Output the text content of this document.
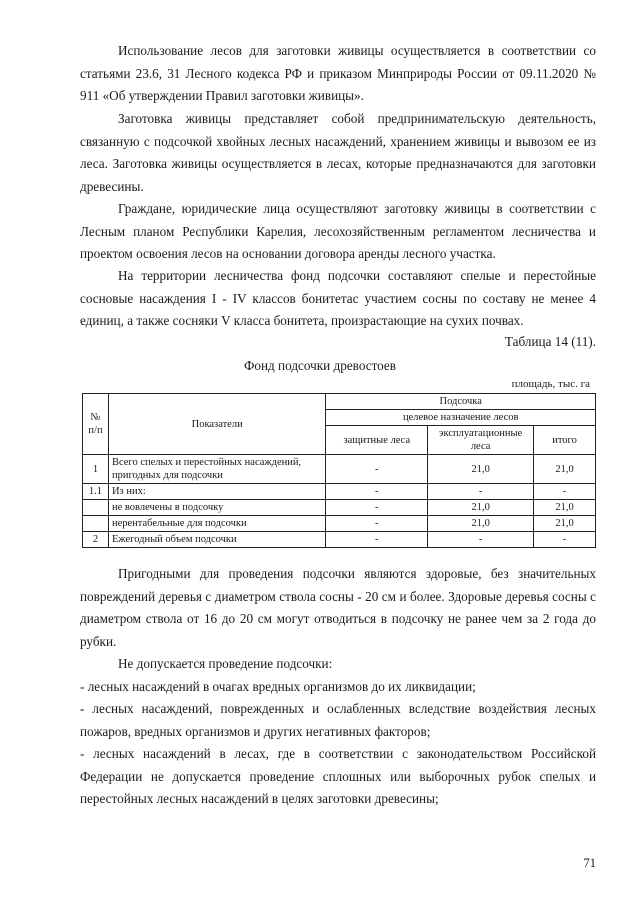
Использование лесов для заготовки живицы осуществляется в соответствии со статьями 23.6, 31 Лесного кодекса РФ и приказом Минприроды России от 09.11.2020 № 911 «Об утверждении Правил заготовки живицы».

Заготовка живицы представляет собой предпринимательскую деятельность, связанную с подсочкой хвойных лесных насаждений, хранением живицы и вывозом ее из леса. Заготовка живицы осуществляется в лесах, которые предназначаются для заготовки древесины.

Граждане, юридические лица осуществляют заготовку живицы в соответствии с Лесным планом Республики Карелия, лесохозяйственным регламентом лесничества и проектом освоения лесов на основании договора аренды лесного участка.

На территории лесничества фонд подсочки составляют спелые и перестойные сосновые насаждения I - IV классов бонитетас участием сосны по составу не менее 4 единиц, а также сосняки V класса бонитета, произрастающие на сухих почвах.

Таблица 14 (11).
Фонд подсочки древостоев
площадь, тыс. га
№ п/п	Показатели	Подсочка		
		целевое назначение лесов		
		защитные леса	эксплуатационные леса	итого
1	Всего спелых и перестойных насаждений, пригодных для подсочки	-	21,0	21,0
1.1	Из них:	-	-	-
	не вовлечены в подсочку	-	21,0	21,0
	нерентабельные для подсочки	-	21,0	21,0
2	Ежегодный объем подсочки	-	-	-

Пригодными для проведения подсочки являются здоровые, без значительных повреждений деревья с диаметром ствола сосны - 20 см и более. Здоровые деревья сосны с диаметром ствола от 16 до 20 см могут отводиться в подсочку не ранее чем за 2 года до рубки.

Не допускается проведение подсочки:

- лесных насаждений в очагах вредных организмов до их ликвидации;

- лесных насаждений, поврежденных и ослабленных вследствие воздействия лесных пожаров, вредных организмов и других негативных факторов;

- лесных насаждений в лесах, где в соответствии с законодательством Российской Федерации не допускается проведение сплошных или выборочных рубок спелых и перестойных лесных насаждений в целях заготовки древесины;

71
